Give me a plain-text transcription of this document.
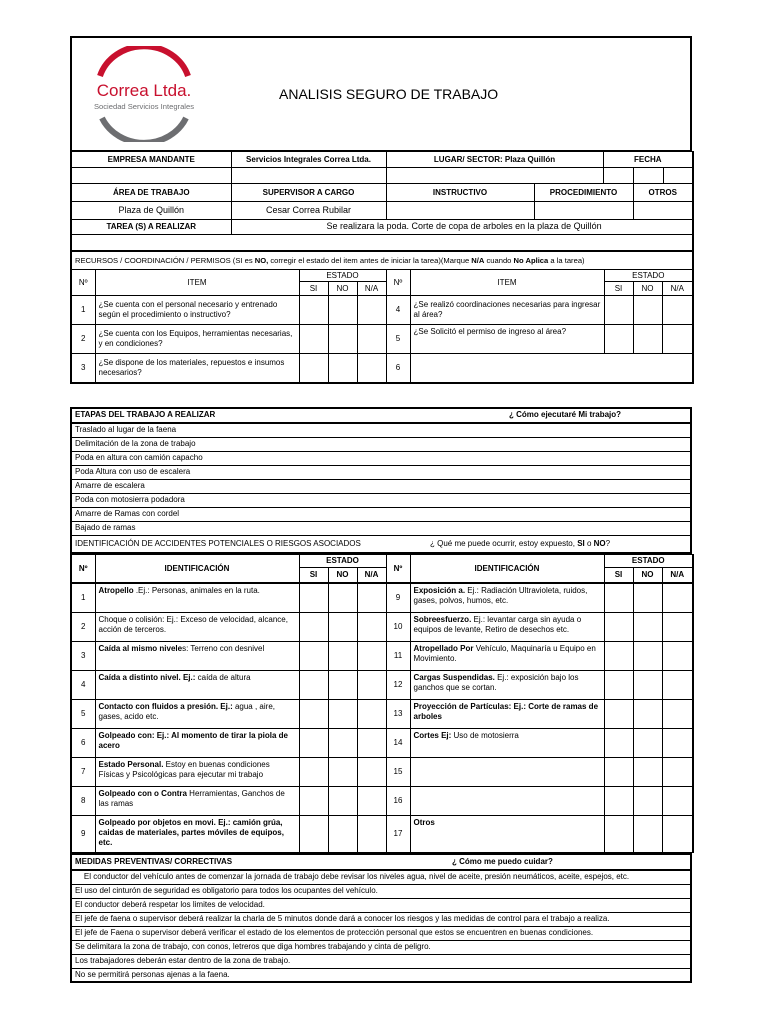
Correa Ltda.
Sociedad Servicios Integrales
ANALISIS SEGURO DE TRABAJO
EMPRESA MANDANTE	Servicios Integrales Correa Ltda.	LUGAR/ SECTOR: Plaza Quillón		FECHA		

ÁREA DE TRABAJO	SUPERVISOR A CARGO	INSTRUCTIVO	PROCEDIMIENTO		OTROS	
Plaza de Quillón	Cesar Correa Rubilar					
TAREA (S) A REALIZAR	Se realizara la poda. Corte de copa de arboles en la plaza de Quillón					

RECURSOS / COORDINACIÓN / PERMISOS (SI es NO, corregir el estado del item antes de iniciar la tarea)(Marque N/A cuando No Aplica a la tarea)									
Nº	ITEM	ESTADO			Nº	ITEM	ESTADO		
		SI	NO	N/A			SI	NO	N/A
1	¿Se cuenta con el personal necesario y entrenado según el procedimiento o instructivo?				4	¿Se realizó coordinaciones necesarias para ingresar al área?			
2	¿Se cuenta con los Equipos, herramientas necesarias, y en condiciones?				5	¿Se Solicitó el permiso de ingreso al área?			
3	¿Se dispone de los materiales, repuestos e insumos necesarios?				6				
ETAPAS DEL TRABAJO A REALIZAR	¿ Cómo ejecutaré Mi trabajo?

Traslado al lugar de la faena
Delimitación de la zona de trabajo
Poda en altura con camión capacho
Poda Altura con uso de escalera
Amarre de escalera
Poda con motosierra podadora
Amarre de Ramas con cordel
Bajado de ramas
IDENTIFICACIÓN DE ACCIDENTES POTENCIALES O RIESGOS ASOCIADOS	¿ Qué me puede ocurrir, estoy expuesto, SI o NO?
Nº	IDENTIFICACIÓN	ESTADO			Nº	IDENTIFICACIÓN	ESTADO		
		SI	NO	N/A			SI	NO	N/A
1	Atropello .Ej.: Personas, animales en la ruta.				9	Exposición a. Ej.: Radiación Ultravioleta, ruidos, gases, polvos, humos, etc.			
2	Choque o colisión: Ej.: Exceso de velocidad, alcance, acción de terceros.				10	Sobreesfuerzo. Ej.: levantar carga sin ayuda o equipos de levante, Retiro de desechos etc.			
3	Caída al mismo niveles: Terreno con desnivel				11	Atropellado Por Vehículo, Maquinaría u Equipo en Movimiento.			
4	Caída a distinto nivel. Ej.: caída de altura				12	Cargas Suspendidas. Ej.: exposición bajo los ganchos que se cortan.			
5	Contacto con fluidos a presión. Ej.: agua , aire, gases, acido etc.				13	Proyección de Partículas: Ej.: Corte de ramas de arboles			
6	Golpeado con: Ej.: Al momento de tirar la piola de acero				14	Cortes Ej: Uso de motosierra			
7	Estado Personal. Estoy en buenas condiciones Físicas y Psicológicas para ejecutar mi trabajo				15				
8	Golpeado con o Contra Herramientas, Ganchos de las ramas				16				
9	Golpeado por objetos en movi. Ej.: camión grúa, caidas de materiales, partes móviles de equipos, etc.				17	Otros			
MEDIDAS PREVENTIVAS/ CORRECTIVAS	¿ Cómo me puedo cuidar?

El conductor del vehículo antes de comenzar la jornada de trabajo debe revisar los niveles agua, nivel de aceite, presión neumáticos, aceite, espejos, etc.
El uso del cinturón de seguridad es obligatorio para todos los ocupantes del vehículo.
El conductor deberá respetar los limites de velocidad.
El jefe de faena o supervisor deberá realizar la charla de 5 minutos donde dará a conocer los riesgos y las medidas de control para el trabajo a realiza.
El jefe de Faena o supervisor deberá verificar el estado de los elementos de protección personal que estos se encuentren en buenas condiciones.
Se delimitara la zona de trabajo, con conos, letreros que diga hombres trabajando y cinta de peligro.
Los trabajadores deberán estar dentro de la zona de trabajo.
No se permitirá personas ajenas a la faena.
